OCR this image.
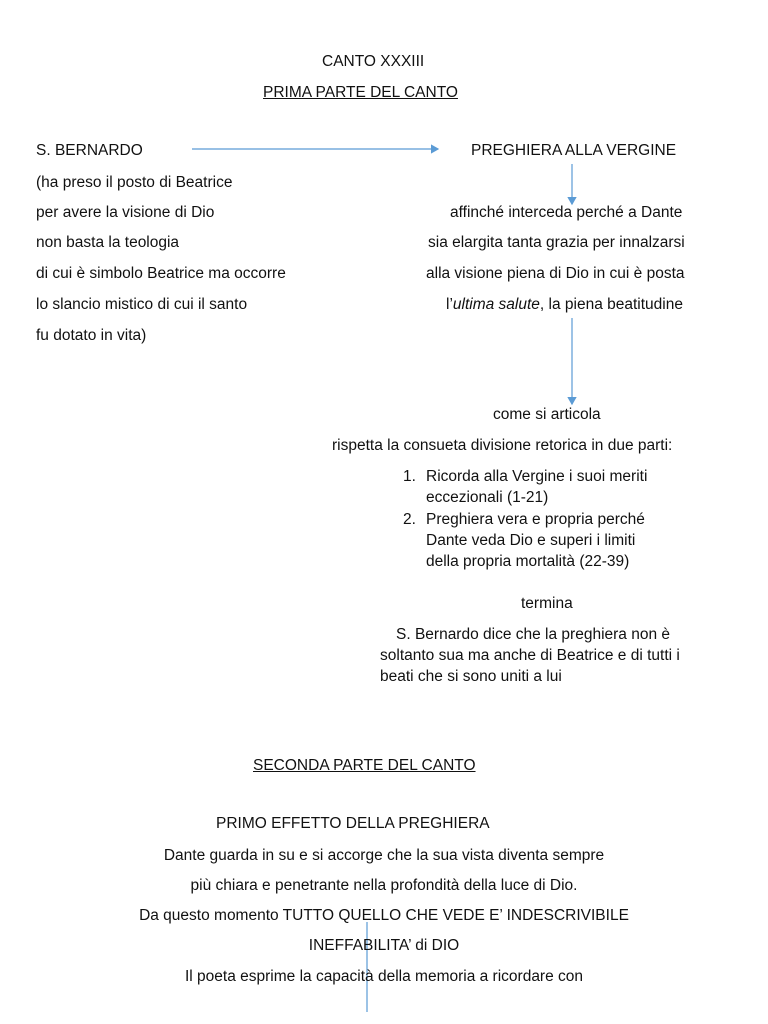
CANTO XXXIII
PRIMA PARTE DEL CANTO
S. BERNARDO
(ha preso il posto di Beatrice
per avere la visione di Dio
non basta la teologia
di cui è simbolo Beatrice ma occorre
lo slancio mistico di cui il santo
fu dotato in vita)
PREGHIERA ALLA VERGINE
affinché interceda perché a Dante
sia elargita tanta grazia per innalzarsi
alla visione piena di Dio in cui è posta
l’ultima salute, la piena beatitudine
come si articola
rispetta la consueta divisione retorica in due parti:
1. Ricorda alla Vergine i suoi meriti
eccezionali (1-21)
2. Preghiera vera e propria perché
Dante veda Dio e superi i limiti
della propria mortalità (22-39)
termina
S. Bernardo dice che la preghiera non è
soltanto sua ma anche di Beatrice e di tutti i
beati che si sono uniti a lui
SECONDA PARTE DEL CANTO
PRIMO EFFETTO DELLA PREGHIERA
Dante guarda in su e si accorge che la sua vista diventa sempre
più chiara e penetrante nella profondità della luce di Dio.
Da questo momento TUTTO QUELLO CHE VEDE E’ INDESCRIVIBILE
INEFFABILITA’ di DIO
Il poeta esprime la capacità della memoria a ricordare con
